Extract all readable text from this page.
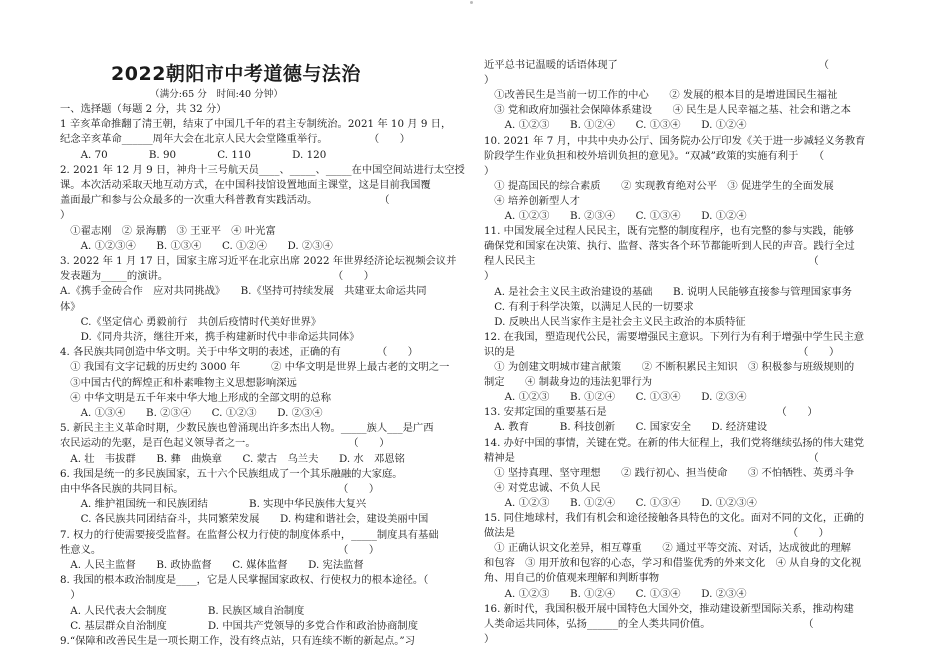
2022朝阳市中考道德与法治
一、选择题（每题 2 分，共 32 分）
1 辛亥革命推翻了清王朝，结束了中国几千年的君主专制统治。2021 年 10 月 9 日，
纪念辛亥革命______周年大会在北京人民大会堂隆重举行。　　　　　（　　）
　　A. 70　　　　B. 90　　　　C. 110　　　　D. 120
2. 2021 年 12 月 9 日，神舟十三号航天员____、_____、_____在中国空间站进行太空授
课。本次活动采取天地互动方式，在中国科技馆设置地面主课堂，这是目前我国覆
盖面最广和参与公众最多的一次重大科普教育实践活动。　　　　　　　（
）
　①翟志刚　② 景海鹏　③ 王亚平　④ 叶光富
　　A. ①②③④　　B. ①③④　　C. ①②④　　D. ②③④
3. 2022 年 1 月 17 日，国家主席习近平在北京出席 2022 年世界经济论坛视频会议并
发表题为_____的演讲。　　　　　　　　　　　　　　　　　（　　）
A.《携手金砖合作　应对共同挑战》　　B.《坚持可持续发展　共建亚太命运共同
体》
　　C.《坚定信心 勇毅前行　共创后疫情时代美好世界》
　　D.《同舟共济，继往开来，携手构建新时代中非命运共同体》
4. 各民族共同创造中华文明。关于中华文明的表述，正确的有　　　　（　　）
　① 我国有文字记载的历史约 3000 年　　　② 中华文明是世界上最古老的文明之一
　③中国古代的辉煌正和朴素唯物主义思想影响深远
　④ 中华文明是五千年来中华大地上形成的全部文明的总称
　　A. ①③④　　B. ②③④　　C. ①②③　　D. ②③④
5. 新民主主义革命时期，少数民族也曾涌现出许多杰出人物。_____族人___是广西
农民运动的先驱，是百色起义领导者之一。　　　　　　　　　　（　　）
　A. 壮　韦拔群　　B. 彝　曲焕章　　C. 蒙古　乌兰夫　　D. 水　邓恩铭
6. 我国是统一的多民族国家，五十六个民族组成了一个其乐融融的大家庭。
由中华各民族的共同目标。　　　　　　　　　　　　　　　　（　　）
　　A. 维护祖国统一和民族团结　　　　B. 实现中华民族伟大复兴
　　C. 各民族共同团结奋斗，共同繁荣发展　　D. 构建和谐社会，建设美丽中国
7. 权力的行使需要接受监督。在监督公权力行使的制度体系中，_____制度具有基础
性意义。　　　　　　　　　　　　　　　　　　　　　　　　（　　）
　A. 人民主监督　　B. 政协监督　　C. 媒体监督　　D. 宪法监督
8. 我国的根本政治制度是____，它是人民掌握国家政权、行使权力的根本途径。（
　）
　A. 人民代表大会制度　　　　B. 民族区域自治制度
　C. 基层群众自治制度　　　　D. 中国共产党领导的多党合作和政治协商制度
9.“保障和改善民生是一项长期工作，没有终点站，只有连续不断的新起点。”习
近平总书记温暖的话语体现了　　　　　　　　　　　　　　　　　　　　（
）
　①改善民生是当前一切工作的中心　　② 发展的根本目的是增进国民生福祉
　③ 党和政府加强社会保障体系建设　　④ 民生是人民幸福之基、社会和谐之本
　　A. ①②③　　B. ①②④　　C. ①③④　　D. ①②④
10. 2021 年 7 月，中共中央办公厅、国务院办公厅印发《关于进一步减轻义务教育
阶段学生作业负担和校外培训负担的意见》。“双减”政策的实施有利于　　（
）
　① 提高国民的综合素质　　② 实现教育绝对公平　③ 促进学生的全面发展
　④ 培养创新型人才
　　A. ①②③　　B. ②③④　　C. ①③④　　D. ①②④
11. 中国发展全过程人民民主，既有完整的制度程序，也有完整的参与实践，能够
确保党和国家在决策、执行、监督、落实各个环节都能听到人民的声音。践行全过
程人民民主　　　　　　　　　　　　　　　　　　　　　　　　　　　（
）
　A. 是社会主义民主政治建设的基础　　B. 说明人民能够直接参与管理国家事务
　C. 有利于科学决策，以满足人民的一切要求
　D. 反映出人民当家作主是社会主义民主政治的本质特征
12. 在我国，塑造现代公民，需要增强民主意识。下列行为有利于增强中学生民主意
识的是　　　　　　　　　　　　　　　　　　　　　　　　　　　　（　　）
　① 为创建文明城市建言献策　　② 不断积累民主知识　③ 积极参与班级规则的
制定　　④ 制裁身边的违法犯罪行为
　　A. ①②③　　B. ①②④　　C. ①③④　　D. ②③④
13. 安邦定国的重要基石是　　　　　　　　　　　　　　　　　（　　）
　A. 教育　　　B. 科技创新　　C. 国家安全　　D. 经济建设
14. 办好中国的事情，关键在党。在新的伟大征程上，我们党将继续弘扬的伟大建党
精神是　　　　　　　　　　　　　　　　　　　　　　　　　　　　　（
　① 坚持真理、坚守理想　　② 践行初心、担当使命　　③ 不怕牺牲、英勇斗争
　④ 对党忠诚、不负人民
　　A. ①②③　　B. ①②④　　C. ①③④　　D. ①②③④
15. 同住地球村，我们有机会和途径接触各具特色的文化。面对不同的文化，正确的
做法是　　　　　　　　　　　　　　　　　　　　　　　　　　　（　　）
　① 正确认识文化差异，相互尊重　　② 通过平等交流、对话，达成彼此的理解
和包容　③ 用开放和包容的心态，学习和借鉴优秀的外来文化　④ 从自身的文化视
角、用自己的价值观来理解和判断事物
　　A. ①②③　　B. ①②④　　C. ①③④　　D. ②③④
16. 新时代，我国积极开展中国特色大国外交，推动建设新型国际关系，推动构建
人类命运共同体，弘扬______的全人类共同价值。　　　　　　　　　　（
）
（满分:65 分　时间:40 分钟）
